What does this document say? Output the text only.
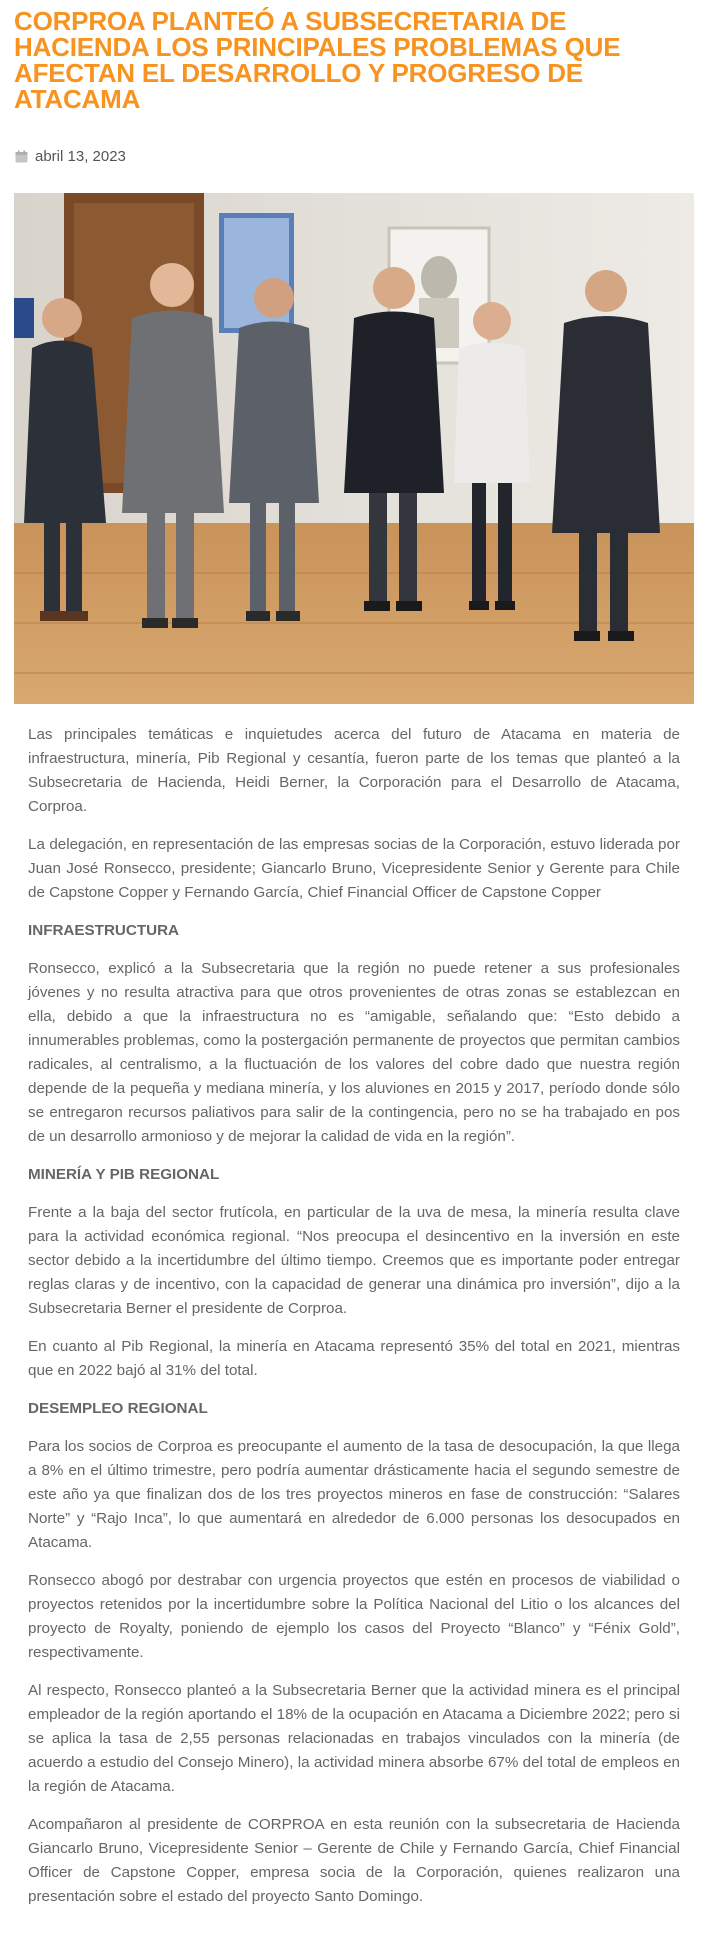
CORPROA PLANTEÓ A SUBSECRETARIA DE HACIENDA LOS PRINCIPALES PROBLEMAS QUE AFECTAN EL DESARROLLO Y PROGRESO DE ATACAMA
abril 13, 2023

Las principales temáticas e inquietudes acerca del futuro de Atacama en materia de infraestructura, minería, Pib Regional y cesantía, fueron parte de los temas que planteó a la Subsecretaria de Hacienda, Heidi Berner, la Corporación para el Desarrollo de Atacama, Corproa.

La delegación, en representación de las empresas socias de la Corporación, estuvo liderada por Juan José Ronsecco, presidente; Giancarlo Bruno, Vicepresidente Senior y Gerente para Chile de Capstone Copper y Fernando García, Chief Financial Officer de Capstone Copper

INFRAESTRUCTURA

Ronsecco, explicó a la Subsecretaria que la región no puede retener a sus profesionales jóvenes y no resulta atractiva para que otros provenientes de otras zonas se establezcan en ella, debido a que la infraestructura no es “amigable, señalando que: “Esto debido a innumerables problemas, como la postergación permanente de proyectos que permitan cambios radicales, al centralismo, a la fluctuación de los valores del cobre dado que nuestra región depende de la pequeña y mediana minería, y los aluviones en 2015 y 2017, período donde sólo se entregaron recursos paliativos para salir de la contingencia, pero no se ha trabajado en pos de un desarrollo armonioso y de mejorar la calidad de vida en la región”.

MINERÍA Y PIB REGIONAL

Frente a la baja del sector frutícola, en particular de la uva de mesa, la minería resulta clave para la actividad económica regional. “Nos preocupa el desincentivo en la inversión en este sector debido a la incertidumbre del último tiempo. Creemos que es importante poder entregar reglas claras y de incentivo, con la capacidad de generar una dinámica pro inversión”, dijo a la Subsecretaria Berner el presidente de Corproa.

En cuanto al Pib Regional, la minería en Atacama representó 35% del total en 2021, mientras que en 2022 bajó al 31% del total.

DESEMPLEO REGIONAL

Para los socios de Corproa es preocupante el aumento de la tasa de desocupación, la que llega a 8% en el último trimestre, pero podría aumentar drásticamente hacia el segundo semestre de este año ya que finalizan dos de los tres proyectos mineros en fase de construcción: “Salares Norte” y “Rajo Inca”, lo que aumentará en alrededor de 6.000 personas los desocupados en Atacama.

Ronsecco abogó por destrabar con urgencia proyectos que estén en procesos de viabilidad o proyectos retenidos por la incertidumbre sobre la Política Nacional del Litio o los alcances del proyecto de Royalty, poniendo de ejemplo los casos del Proyecto “Blanco” y “Fénix Gold”, respectivamente.

Al respecto, Ronsecco planteó a la Subsecretaria Berner que la actividad minera es el principal empleador de la región aportando el 18% de la ocupación en Atacama a Diciembre 2022; pero si se aplica la tasa de 2,55 personas relacionadas en trabajos vinculados con la minería (de acuerdo a estudio del Consejo Minero), la actividad minera absorbe 67% del total de empleos en la región de Atacama.

Acompañaron al presidente de CORPROA en esta reunión con la subsecretaria de Hacienda Giancarlo Bruno, Vicepresidente Senior – Gerente de Chile y Fernando García, Chief Financial Officer de Capstone Copper, empresa socia de la Corporación, quienes realizaron una presentación sobre el estado del proyecto Santo Domingo.
